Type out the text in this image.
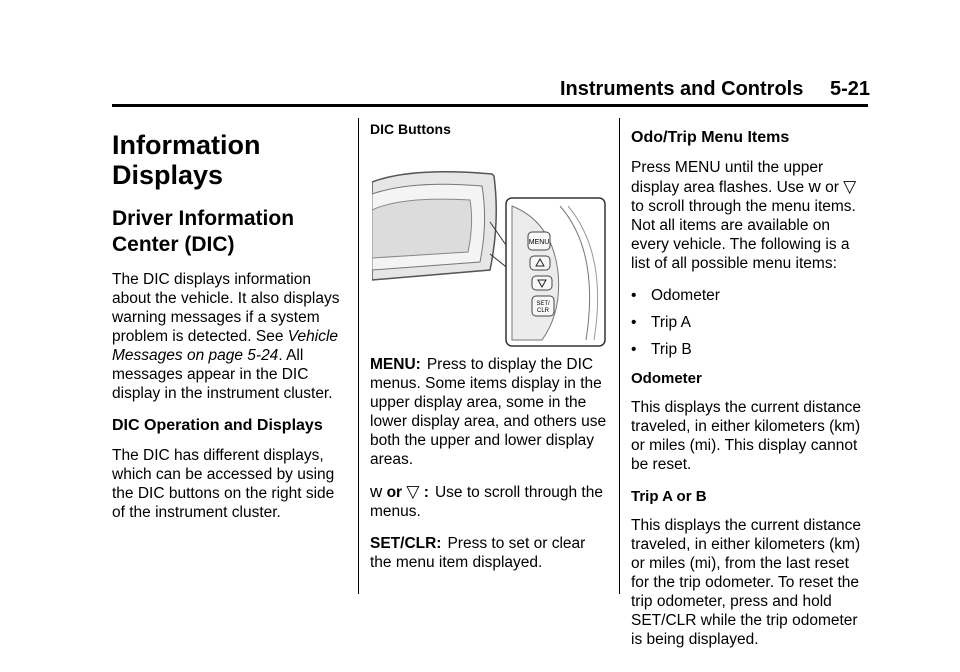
Instruments and Controls 5-21
Information Displays
Driver Information Center (DIC)

The DIC displays information about the vehicle. It also displays warning messages if a system problem is detected. See Vehicle Messages on page 5-24. All messages appear in the DIC display in the instrument cluster.

DIC Operation and Displays

The DIC has different displays, which can be accessed by using the DIC buttons on the right side of the instrument cluster.

DIC Buttons

MENU: Press to display the DIC menus. Some items display in the upper display area, some in the lower display area, and others use both the upper and lower display areas.

w or ▽ : Use to scroll through the menus.

SET/CLR: Press to set or clear the menu item displayed.

MENU
SET/
CLR
Odo/Trip Menu Items

Press MENU until the upper display area flashes. Use w or ▽ to scroll through the menu items. Not all items are available on every vehicle. The following is a list of all possible menu items:

• Odometer
• Trip A
• Trip B
Odometer

This displays the current distance traveled, in either kilometers (km) or miles (mi). This display cannot be reset.

Trip A or B

This displays the current distance traveled, in either kilometers (km) or miles (mi), from the last reset for the trip odometer. To reset the trip odometer, press and hold SET/CLR while the trip odometer is being displayed.
